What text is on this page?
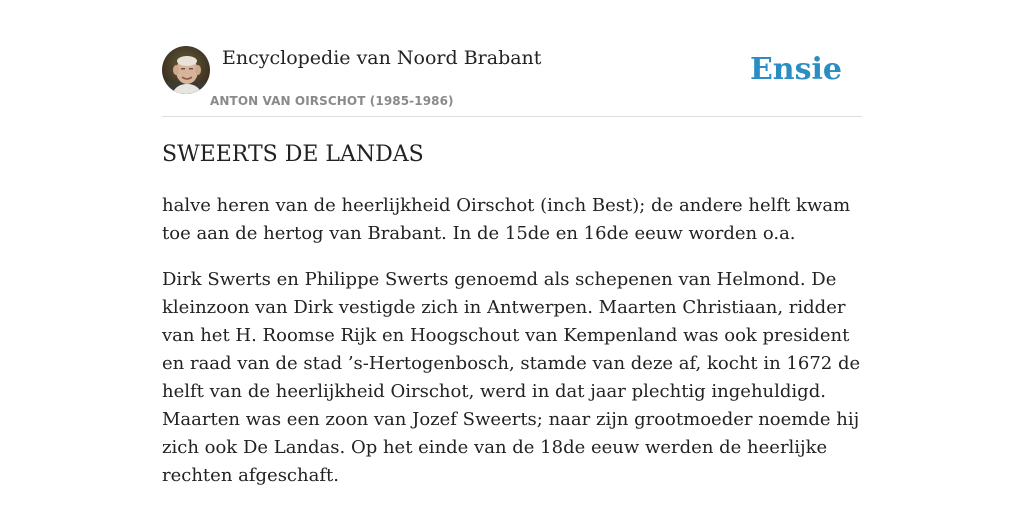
Encyclopedie van Noord Brabant
ANTON VAN OIRSCHOT (1985-1986)
Ensie
SWEERTS DE LANDAS

halve heren van de heerlijkheid Oirschot (inch Best); de andere helft kwam toe aan de hertog van Brabant. In de 15de en 16de eeuw worden o.a.

Dirk Swerts en Philippe Swerts genoemd als schepenen van Helmond. De kleinzoon van Dirk vestigde zich in Antwerpen. Maarten Christiaan, ridder van het H. Roomse Rijk en Hoogschout van Kempenland was ook president en raad van de stad ’s-Hertogenbosch, stamde van deze af, kocht in 1672 de helft van de heerlijkheid Oirschot, werd in dat jaar plechtig ingehuldigd. Maarten was een zoon van Jozef Sweerts; naar zijn grootmoeder noemde hij zich ook De Landas. Op het einde van de 18de eeuw werden de heerlijke rechten afgeschaft.
